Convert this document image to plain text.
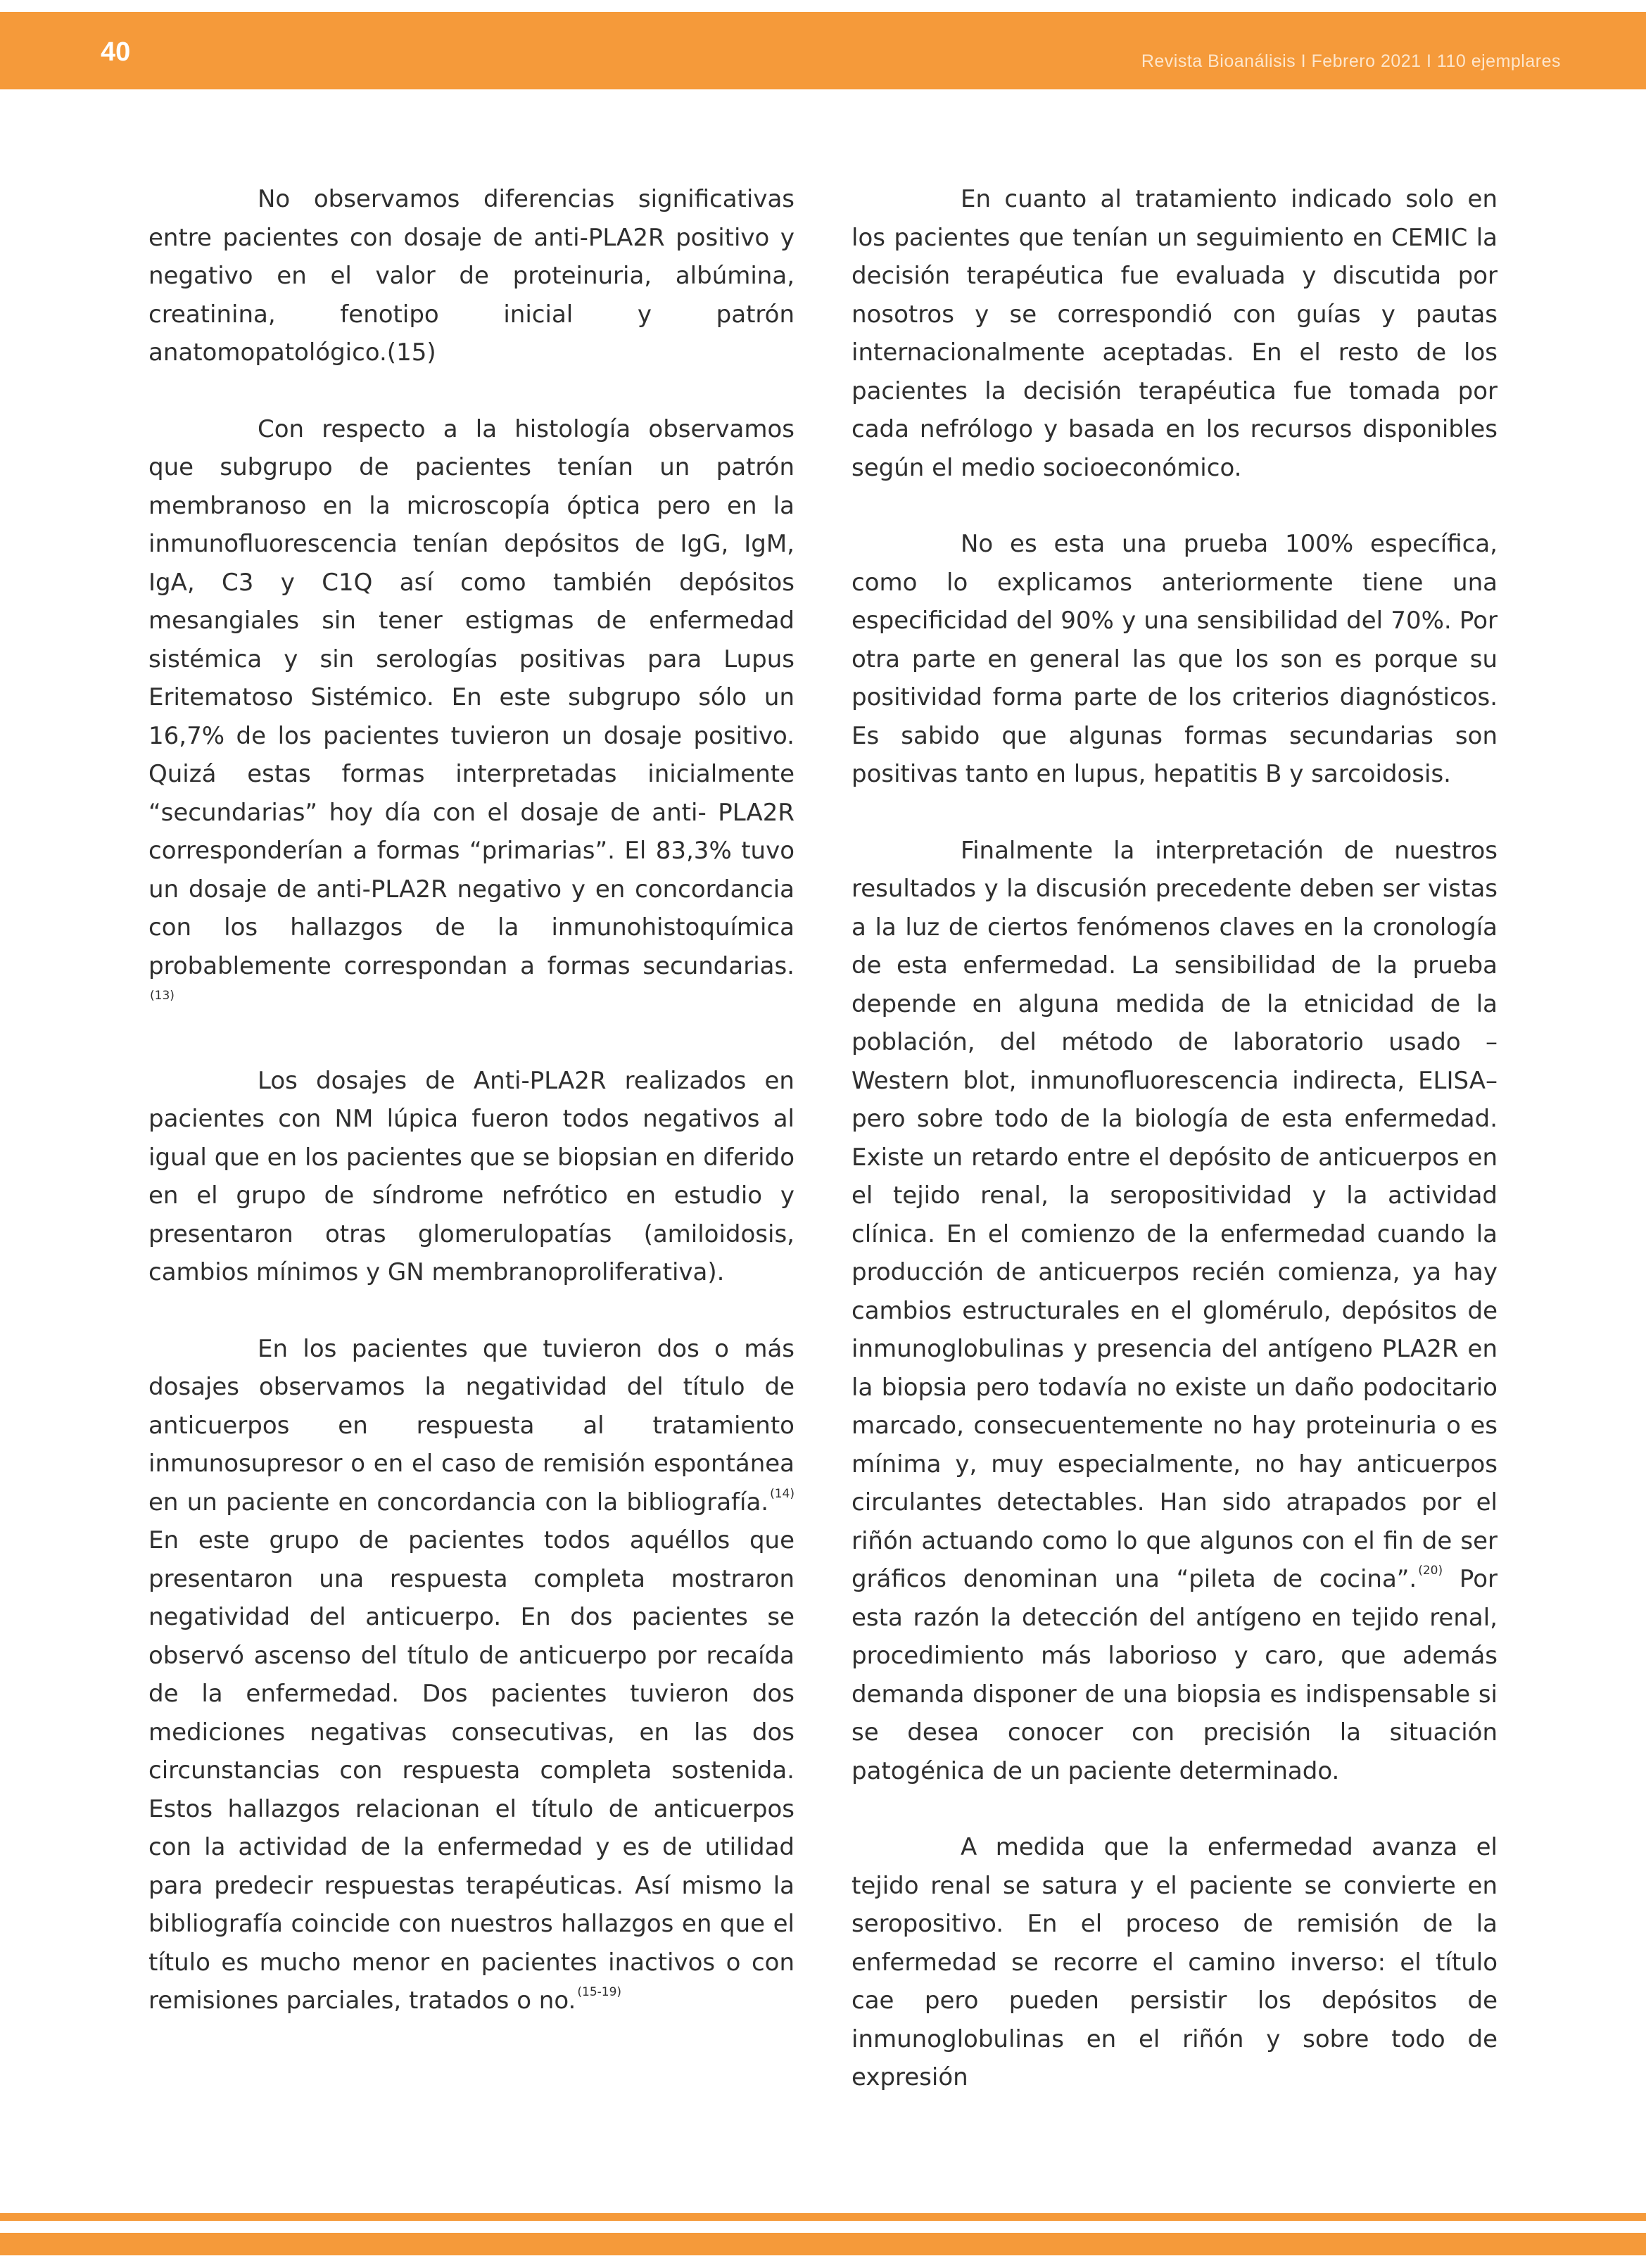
40	Revista Bioanálisis I Febrero 2021 I 110 ejemplares

No observamos diferencias significativas entre pacientes con dosaje de anti-PLA2R positivo y negativo en el valor de proteinuria, albúmina, creatinina, fenotipo inicial y patrón anatomopatológico.(15)

Con respecto a la histología observamos que subgrupo de pacientes tenían un patrón membranoso en la microscopía óptica pero en la inmunofluorescencia tenían depósitos de IgG, IgM, IgA, C3 y C1Q así como también depósitos mesangiales sin tener estigmas de enfermedad sistémica y sin serologías positivas para Lupus Eritematoso Sistémico. En este subgrupo sólo un 16,7% de los pacientes tuvieron un dosaje positivo. Quizá estas formas interpretadas inicialmente “secundarias” hoy día con el dosaje de anti- PLA2R corresponderían a formas “primarias”. El 83,3% tuvo un dosaje de anti-PLA2R negativo y en concordancia con los hallazgos de la inmunohistoquímica probablemente correspondan a formas secundarias.$^{(13)}$

Los dosajes de Anti-PLA2R realizados en pacientes con NM lúpica fueron todos negativos al igual que en los pacientes que se biopsian en diferido en el grupo de síndrome nefrótico en estudio y presentaron otras glomerulopatías (amiloidosis, cambios mínimos y GN membranoproliferativa).

En los pacientes que tuvieron dos o más dosajes observamos la negatividad del título de anticuerpos en respuesta al tratamiento inmunosupresor o en el caso de remisión espontánea en un paciente en concordancia con la bibliografía. $^{(14)}$ En este grupo de pacientes todos aquéllos que presentaron una respuesta completa mostraron negatividad del anticuerpo. En dos pacientes se observó ascenso del título de anticuerpo por recaída de la enfermedad. Dos pacientes tuvieron dos mediciones negativas consecutivas, en las dos circunstancias con respuesta completa sostenida. Estos hallazgos relacionan el título de anticuerpos con la actividad de la enfermedad y es de utilidad para predecir respuestas terapéuticas. Así mismo la bibliografía coincide con nuestros hallazgos en que el título es mucho menor en pacientes inactivos o con remisiones parciales, tratados o no. $^{(15-19)}$

En cuanto al tratamiento indicado solo en los pacientes que tenían un seguimiento en CEMIC la decisión terapéutica fue evaluada y discutida por nosotros y se correspondió con guías y pautas internacionalmente aceptadas. En el resto de los pacientes la decisión terapéutica fue tomada por cada nefrólogo y basada en los recursos disponibles según el medio socioeconómico.

No es esta una prueba 100% específica, como lo explicamos anteriormente tiene una especificidad del 90% y una sensibilidad del 70%. Por otra parte en general las que los son es porque su positividad forma parte de los criterios diagnósticos. Es sabido que algunas formas secundarias son positivas tanto en lupus, hepatitis B y sarcoidosis.

Finalmente la interpretación de nuestros resultados y la discusión precedente deben ser vistas a la luz de ciertos fenómenos claves en la cronología de esta enfermedad. La sensibilidad de la prueba depende en alguna medida de la etnicidad de la población, del método de laboratorio usado – Western blot, inmunofluorescencia indirecta, ELISA– pero sobre todo de la biología de esta enfermedad. Existe un retardo entre el depósito de anticuerpos en el tejido renal, la seropositividad y la actividad clínica. En el comienzo de la enfermedad cuando la producción de anticuerpos recién comienza, ya hay cambios estructurales en el glomérulo, depósitos de inmunoglobulinas y presencia del antígeno PLA2R en la biopsia pero todavía no existe un daño podocitario marcado, consecuentemente no hay proteinuria o es mínima y, muy especialmente, no hay anticuerpos circulantes detectables. Han sido atrapados por el riñón actuando como lo que algunos con el fin de ser gráficos denominan una “pileta de cocina”. $^{(20)}$ Por esta razón la detección del antígeno en tejido renal, procedimiento más laborioso y caro, que además demanda disponer de una biopsia es indispensable si se desea conocer con precisión la situación patogénica de un paciente determinado.

A medida que la enfermedad avanza el tejido renal se satura y el paciente se convierte en seropositivo. En el proceso de remisión de la enfermedad se recorre el camino inverso: el título cae pero pueden persistir los depósitos de inmunoglobulinas en el riñón y sobre todo de expresión
